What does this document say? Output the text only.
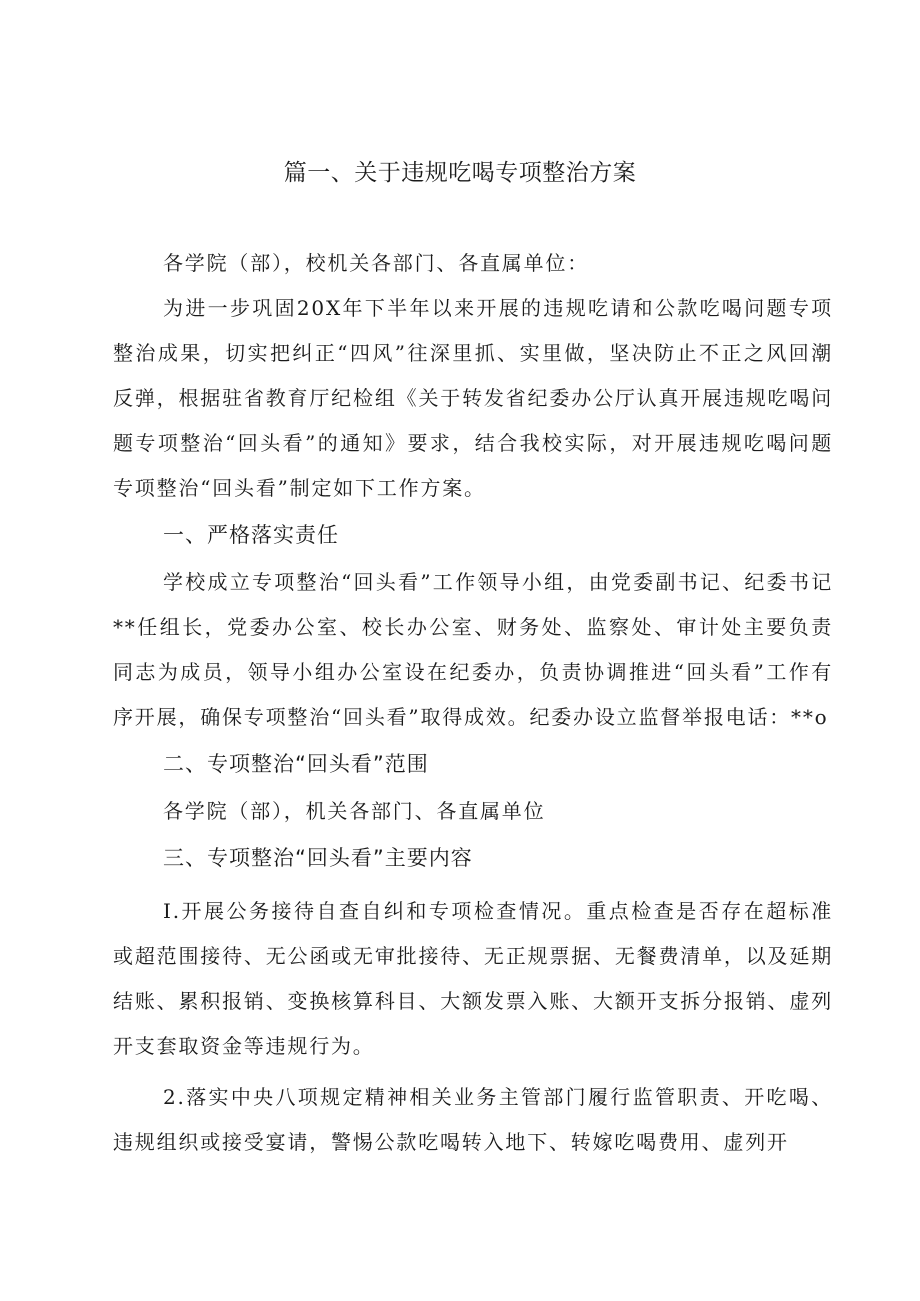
篇一、关于违规吃喝专项整治方案

各学院（部），校机关各部门、各直属单位：

为进一步巩固20X年下半年以来开展的违规吃请和公款吃喝问题专项整治成果，切实把纠正“四风”往深里抓、实里做，坚决防止不正之风回潮反弹，根据驻省教育厅纪检组《关于转发省纪委办公厅认真开展违规吃喝问题专项整治“回头看”的通知》要求，结合我校实际，对开展违规吃喝问题专项整治“回头看”制定如下工作方案。

一、严格落实责任

学校成立专项整治“回头看”工作领导小组，由党委副书记、纪委书记**任组长，党委办公室、校长办公室、财务处、监察处、审计处主要负责同志为成员，领导小组办公室设在纪委办，负责协调推进“回头看”工作有序开展，确保专项整治“回头看”取得成效。纪委办设立监督举报电话：**o

二、专项整治“回头看”范围

各学院（部），机关各部门、各直属单位

三、专项整治“回头看”主要内容

I.开展公务接待自查自纠和专项检查情况。重点检查是否存在超标准或超范围接待、无公函或无审批接待、无正规票据、无餐费清单，以及延期结账、累积报销、变换核算科目、大额发票入账、大额开支拆分报销、虚列开支套取资金等违规行为。

2.落实中央八项规定精神相关业务主管部门履行监管职责、开吃喝、违规组织或接受宴请，警惕公款吃喝转入地下、转嫁吃喝费用、虚列开
